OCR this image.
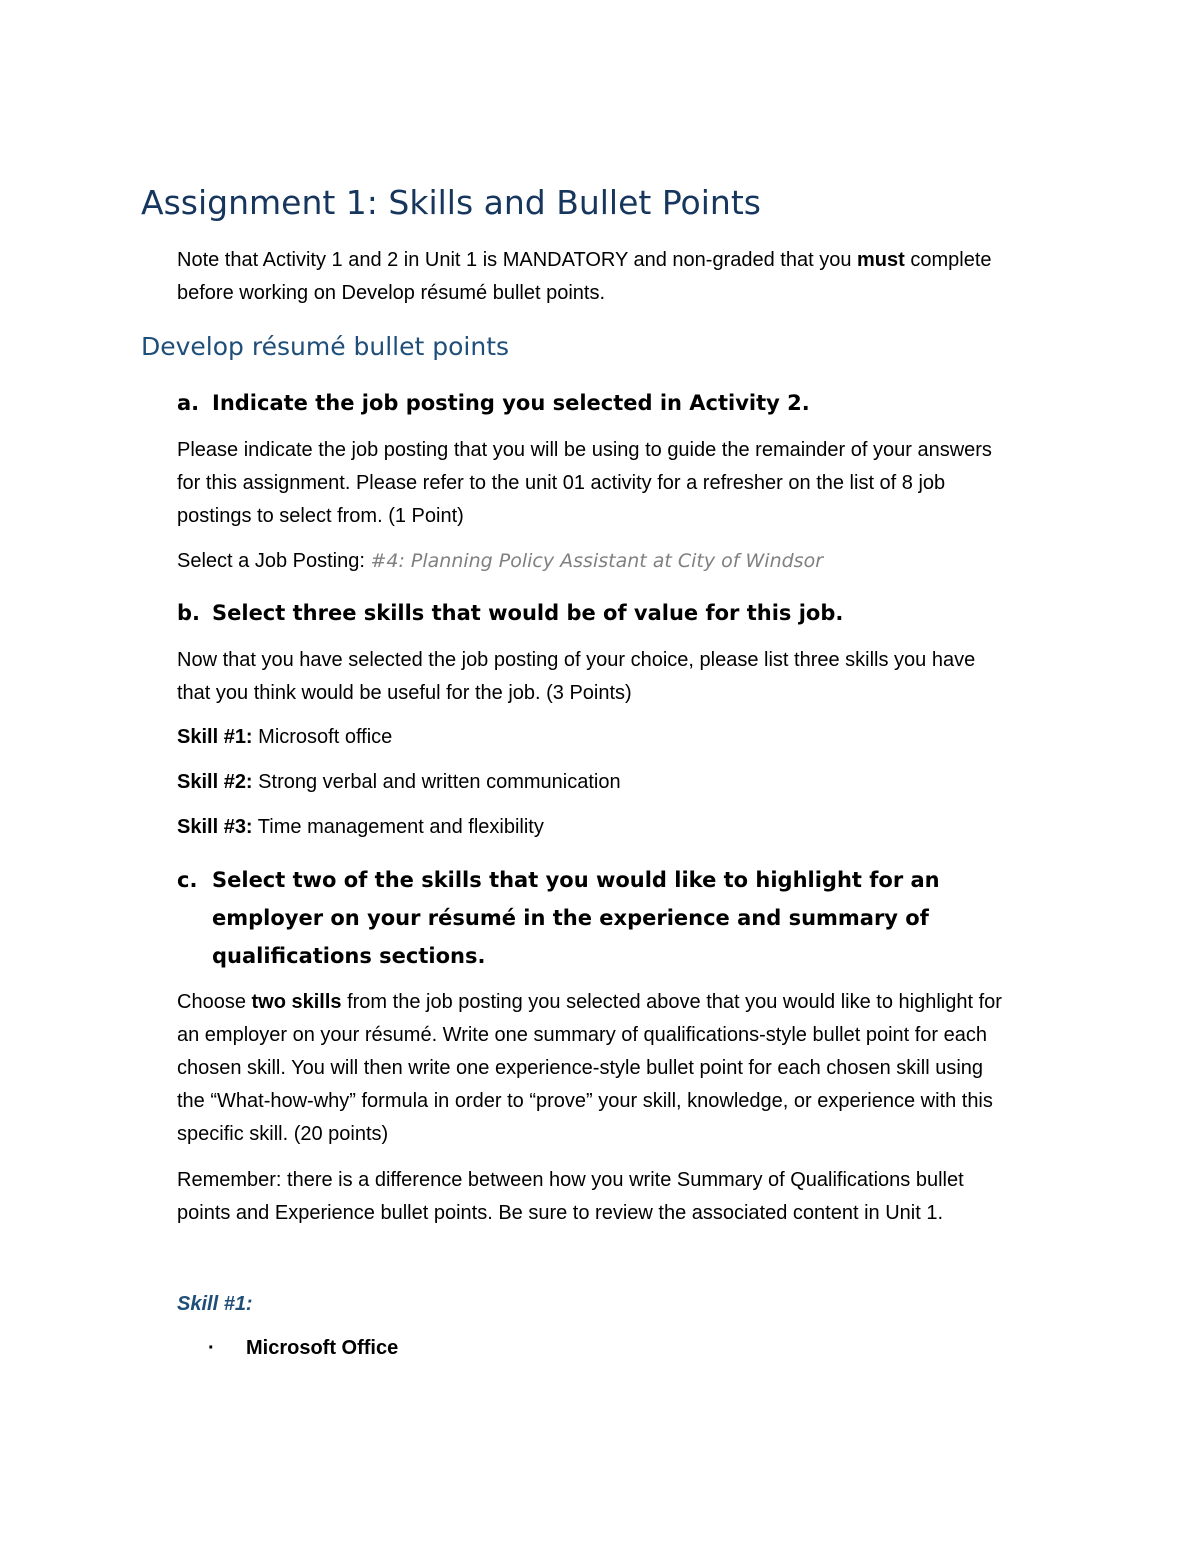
Assignment 1: Skills and Bullet Points

Note that Activity 1 and 2 in Unit 1 is MANDATORY and non-graded that you must complete before working on Develop résumé bullet points.

Develop résumé bullet points
a. Indicate the job posting you selected in Activity 2.

Please indicate the job posting that you will be using to guide the remainder of your answers for this assignment. Please refer to the unit 01 activity for a refresher on the list of 8 job postings to select from. (1 Point)

Select a Job Posting: #4: Planning Policy Assistant at City of Windsor

b. Select three skills that would be of value for this job.

Now that you have selected the job posting of your choice, please list three skills you have that you think would be useful for the job. (3 Points)

Skill #1: Microsoft office

Skill #2: Strong verbal and written communication

Skill #3: Time management and flexibility

c. Select two of the skills that you would like to highlight for an employer on your résumé in the experience and summary of qualifications sections.

Choose two skills from the job posting you selected above that you would like to highlight for an employer on your résumé. Write one summary of qualifications-style bullet point for each chosen skill. You will then write one experience-style bullet point for each chosen skill using the “What-how-why” formula in order to “prove” your skill, knowledge, or experience with this specific skill. (20 points)

Remember: there is a difference between how you write Summary of Qualifications bullet points and Experience bullet points. Be sure to review the associated content in Unit 1.

Skill #1:

· Microsoft Office
